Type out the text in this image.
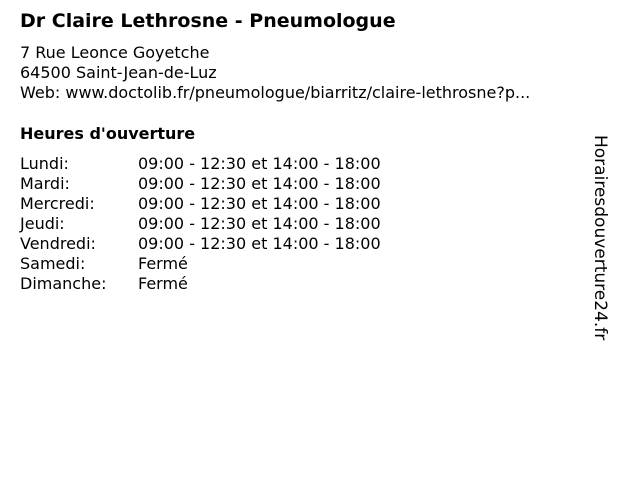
Dr Claire Lethrosne - Pneumologue
7 Rue Leonce Goyetche
64500 Saint-Jean-de-Luz
Web: www.doctolib.fr/pneumologue/biarritz/claire-lethrosne?p...
Heures d'ouverture
Lundi:	09:00 - 12:30 et 14:00 - 18:00
Mardi:	09:00 - 12:30 et 14:00 - 18:00
Mercredi:	09:00 - 12:30 et 14:00 - 18:00
Jeudi:	09:00 - 12:30 et 14:00 - 18:00
Vendredi:	09:00 - 12:30 et 14:00 - 18:00
Samedi:	Fermé
Dimanche: Fermé	Horairesdouverture24.fr
